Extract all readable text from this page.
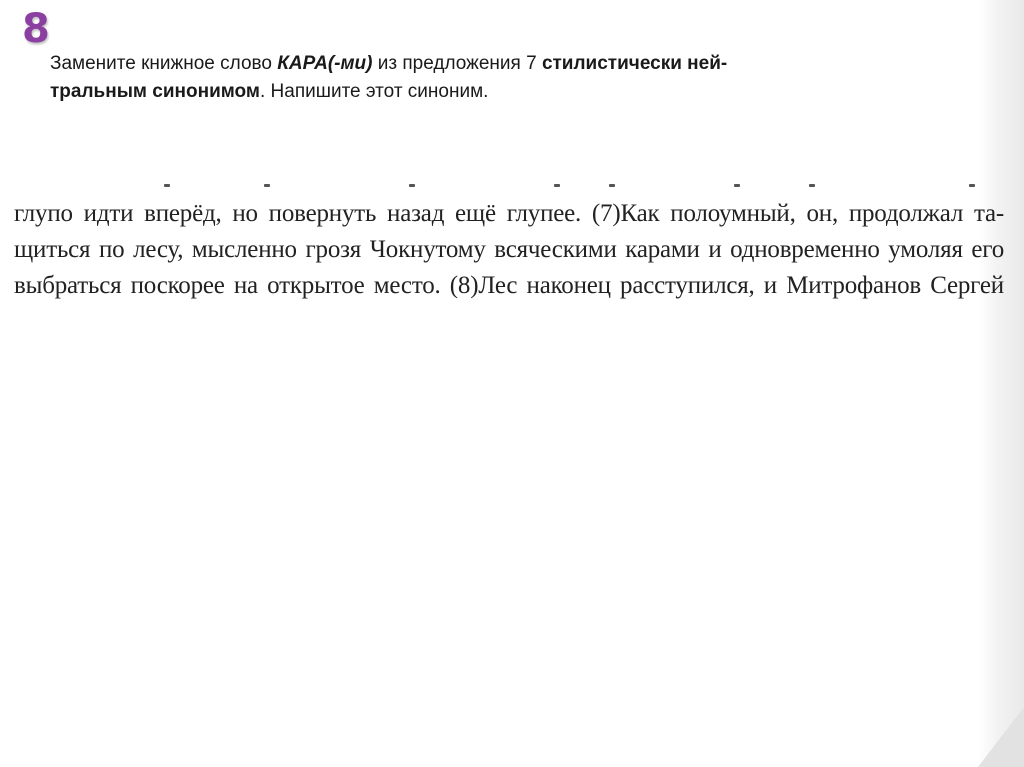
8
Замените книжное слово КАРА(-ми) из предложения 7 стилистически ней-
тральным синонимом. Напишите этот синоним.
глупо идти вперёд, но повернуть назад ещё глупее. (7)Как полоумный, он, продолжал та-
щиться по лесу, мысленно грозя Чокнутому всяческими карами и одновременно умоляя его
выбраться поскорее на открытое место. (8)Лес наконец расступился, и Митрофанов Сергей
